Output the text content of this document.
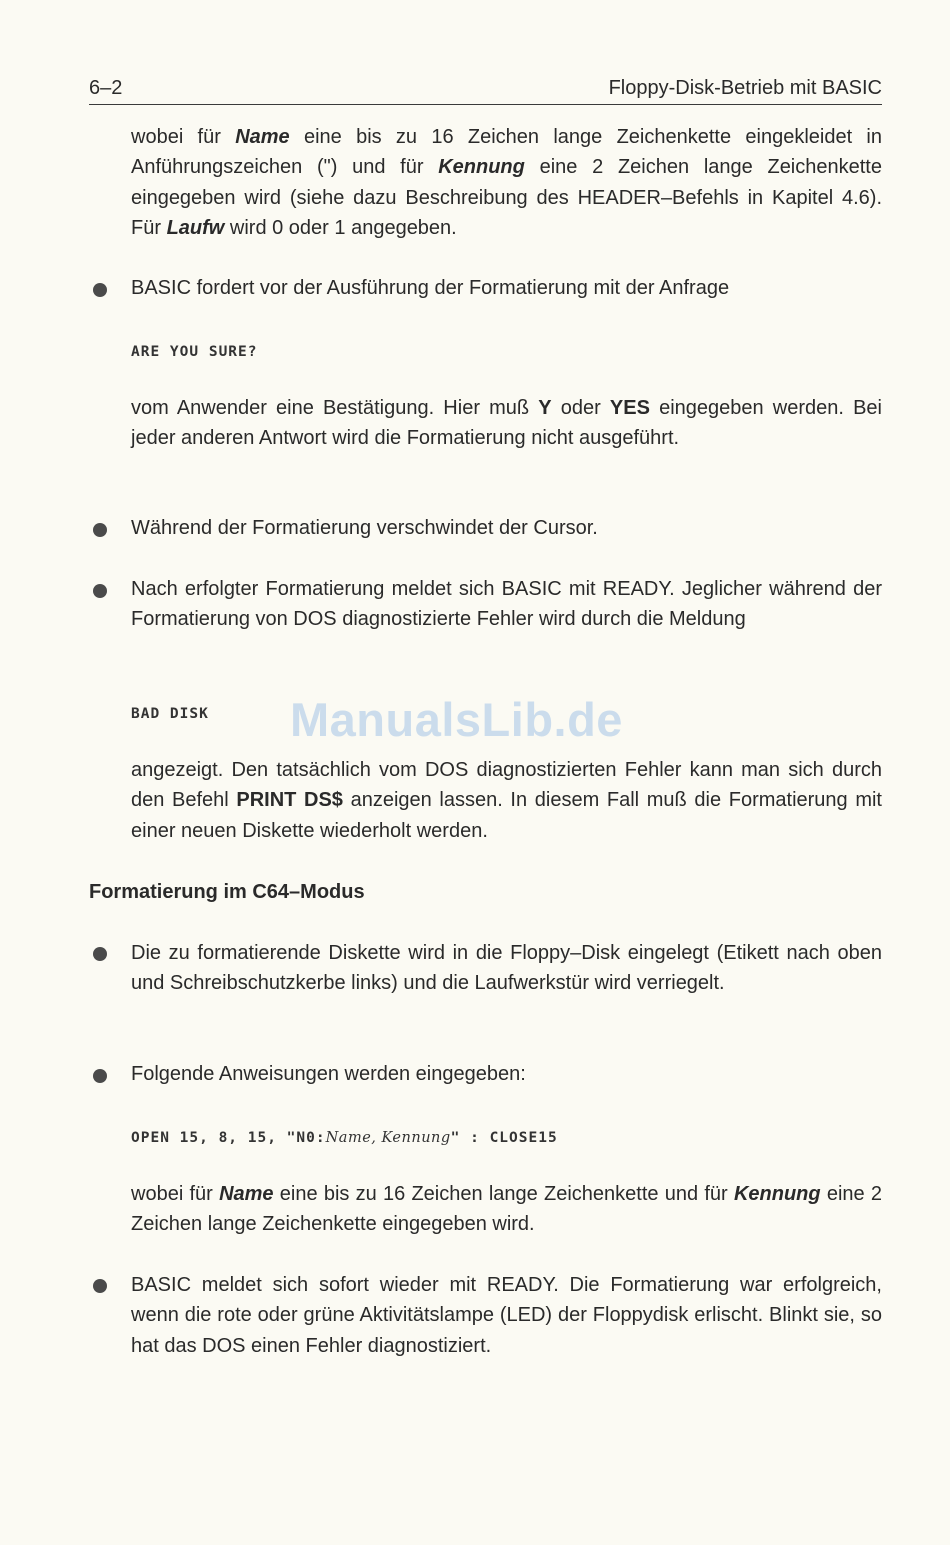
6–2	Floppy-Disk-Betrieb mit BASIC
wobei für Name eine bis zu 16 Zeichen lange Zeichenkette eingekleidet in Anführungszeichen (") und für Kennung eine 2 Zeichen lange Zeichenkette eingegeben wird (siehe dazu Beschreibung des HEADER–Befehls in Kapitel 4.6). Für Laufw wird 0 oder 1 angegeben.
BASIC fordert vor der Ausführung der Formatierung mit der Anfrage
ARE YOU SURE?
vom Anwender eine Bestätigung. Hier muß Y oder YES eingegeben werden. Bei jeder anderen Antwort wird die Formatierung nicht ausgeführt.
Während der Formatierung verschwindet der Cursor.
Nach erfolgter Formatierung meldet sich BASIC mit READY. Jeglicher während der Formatierung von DOS diagnostizierte Fehler wird durch die Meldung
BAD DISK ManualsLib.de
angezeigt. Den tatsächlich vom DOS diagnostizierten Fehler kann man sich durch den Befehl PRINT DS$ anzeigen lassen. In diesem Fall muß die Formatierung mit einer neuen Diskette wiederholt werden.
Formatierung im C64–Modus
Die zu formatierende Diskette wird in die Floppy–Disk eingelegt (Etikett nach oben und Schreibschutzkerbe links) und die Laufwerkstür wird verriegelt.
Folgende Anweisungen werden eingegeben:
OPEN 15, 8, 15, "N0:Name, Kennung" : CLOSE15
wobei für Name eine bis zu 16 Zeichen lange Zeichenkette und für Kennung eine 2 Zeichen lange Zeichenkette eingegeben wird.
BASIC meldet sich sofort wieder mit READY. Die Formatierung war erfolgreich, wenn die rote oder grüne Aktivitätslampe (LED) der Floppydisk erlischt. Blinkt sie, so hat das DOS einen Fehler diagnostiziert.
